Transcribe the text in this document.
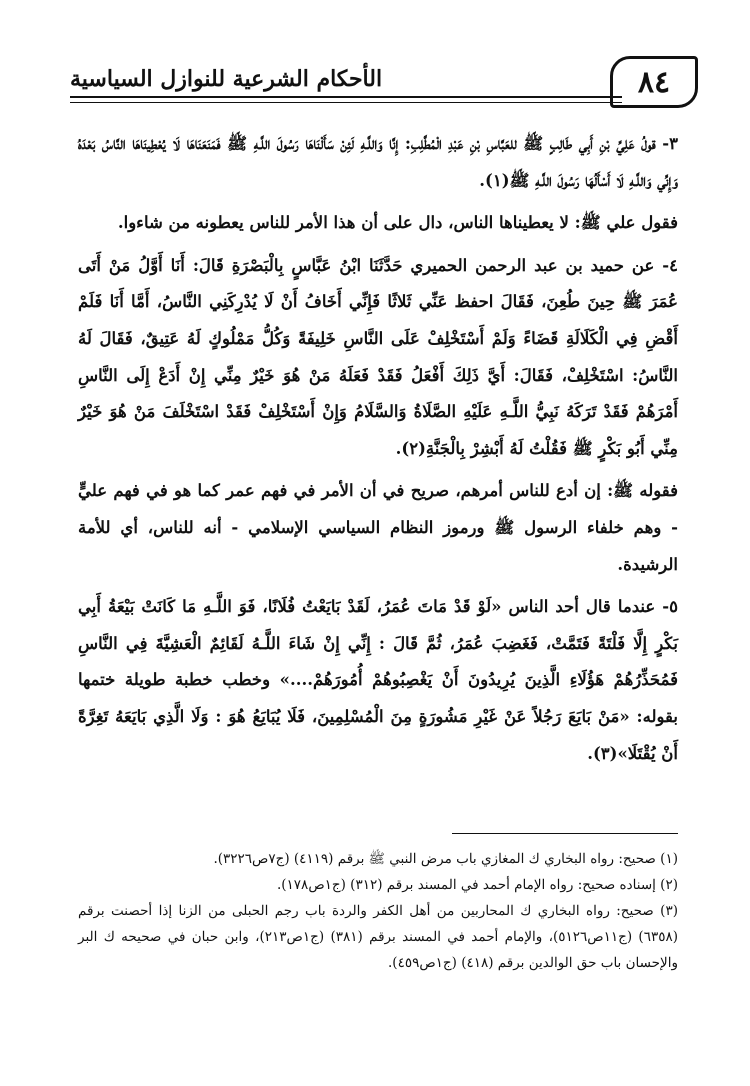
٨٤
الأحكام الشرعية للنوازل السياسية

٣- قولُ عَلِيِّ بْنِ أَبِي طَالِبٍ ﷺ للعَبَّاسِ بْنِ عَبْدِ الْمُطَّلِبِ: إِنَّا وَاللَّـهِ لَئِنْ سَأَلْنَاهَا رَسُولَ اللَّـهِ ﷺ فَمَنَعَنَاهَا لَا يُعْطِينَاهَا النَّاسُ بَعْدَهُ وَإِنِّي وَاللَّـهِ لَا أَسْأَلُهَا رَسُولَ اللَّـهِ ﷺ(١).

فقول علي ﷺ: لا يعطيناها الناس، دال على أن هذا الأمر للناس يعطونه من شاءوا.

٤- عن حميد بن عبد الرحمن الحميري حَدَّثَنَا ابْنُ عَبَّاسٍ بِالْبَصْرَةِ قَالَ: أَنَا أَوَّلُ مَنْ أَتَى عُمَرَ ﷺ حِينَ طُعِنَ، فَقَالَ احفظ عَنِّي ثَلاثًا فَإِنِّي أَخَافُ أَنْ لَا يُدْرِكَنِي النَّاسُ، أَمَّا أَنَا فَلَمْ أَقْضِ فِي الْكَلَالَةِ قَضَاءً وَلَمْ أَسْتَخْلِفْ عَلَى النَّاسِ خَلِيفَةً وَكُلُّ مَمْلُوكٍ لَهُ عَتِيقٌ، فَقَالَ لَهُ النَّاسُ: اسْتَخْلِفْ، فَقَالَ: أَيَّ ذَلِكَ أَفْعَلُ فَقَدْ فَعَلَهُ مَنْ هُوَ خَيْرٌ مِنِّي إِنْ أَدَعْ إِلَى النَّاسِ أَمْرَهُمْ فَقَدْ تَرَكَهُ نَبِيُّ اللَّـهِ عَلَيْهِ الصَّلَاةُ وَالسَّلَامُ وَإِنْ أَسْتَخْلِفْ فَقَدْ اسْتَخْلَفَ مَنْ هُوَ خَيْرٌ مِنِّي أَبُو بَكْرٍ ﷺ فَقُلْتُ لَهُ أَبْشِرْ بِالْجَنَّةِ(٢).

فقوله ﷺ: إن أدع للناس أمرهم، صريح في أن الأمر في فهم عمر كما هو في فهم عليٍّ - وهم خلفاء الرسول ﷺ ورموز النظام السياسي الإسلامي - أنه للناس، أي للأمة الرشيدة.

٥- عندما قال أحد الناس «لَوْ قَدْ مَاتَ عُمَرُ، لَقَدْ بَايَعْتُ فُلَانًا، فَوَ اللَّـهِ مَا كَانَتْ بَيْعَةُ أَبِي بَكْرٍ إِلَّا فَلْتَةً فَتَمَّتْ، فَغَضِبَ عُمَرُ، ثُمَّ قَالَ : إِنِّي إِنْ شَاءَ اللَّـهُ لَقَائِمٌ الْعَشِيَّةَ فِي النَّاسِ فَمُحَذِّرُهُمْ هَؤُلَاءِ الَّذِينَ يُرِيدُونَ أَنْ يَغْصِبُوهُمْ أُمُورَهُمْ....» وخطب خطبة طويلة ختمها بقوله: «مَنْ بَايَعَ رَجُلاً عَنْ غَيْرِ مَشُورَةٍ مِنَ الْمُسْلِمِينَ، فَلَا يُبَايَعُ هُوَ : وَلَا الَّذِي بَايَعَهُ تَغِرَّةً أَنْ يُقْتَلَا»(٣).

(١) صحيح: رواه البخاري ك المغازي باب مرض النبي ﷺ برقم (٤١١٩) (ج٧ص٣٢٢٦).

(٢) إسناده صحيح: رواه الإمام أحمد في المسند برقم (٣١٢) (ج١ص١٧٨).

(٣) صحيح: رواه البخاري ك المحاربين من أهل الكفر والردة باب رجم الحبلى من الزنا إذا أحصنت برقم (٦٣٥٨) (ج١١ص٥١٢٦)، والإمام أحمد في المسند برقم (٣٨١) (ج١ص٢١٣)، وابن حبان في صحيحه ك البر والإحسان باب حق الوالدين برقم (٤١٨) (ج١ص٤٥٩).
